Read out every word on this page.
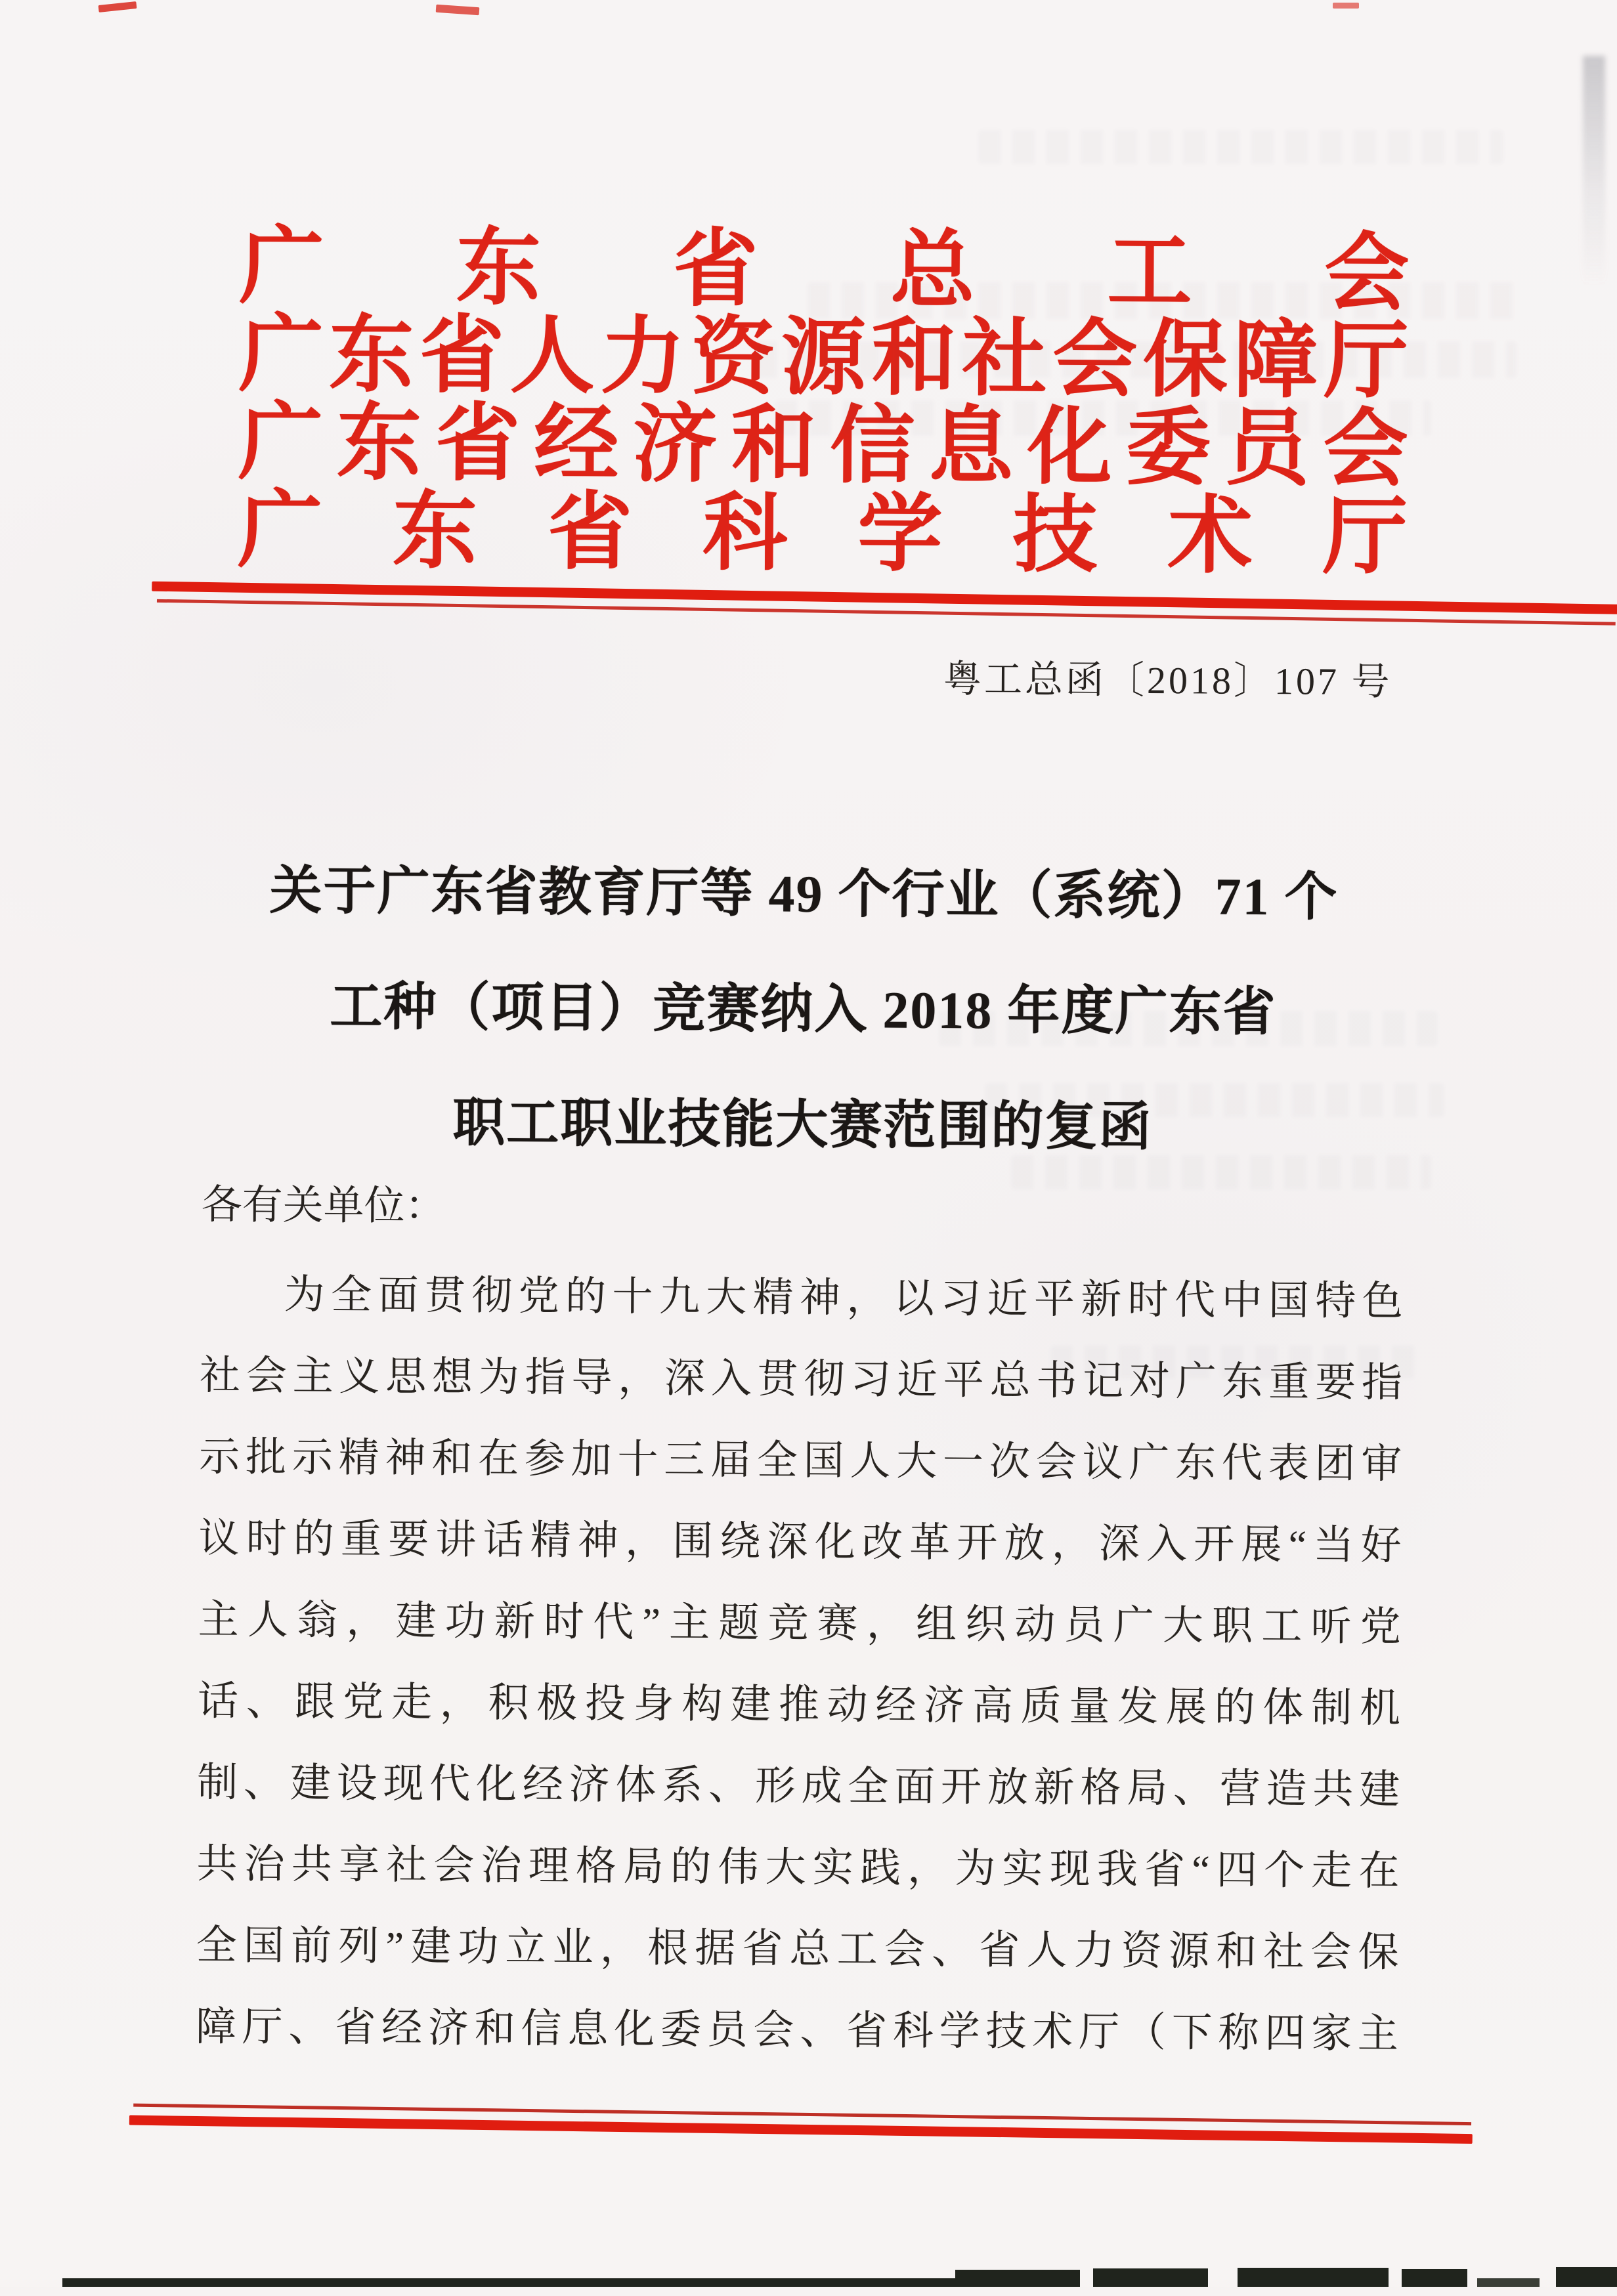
广 东 省 总 工 会
广 东 省 人 力 资 源 和 社 会 保 障 厅
广 东 省 经 济 和 信 息 化 委 员 会
广 东 省 科 学 技 术 厅
粤工总函〔2018〕107 号
关于广东省教育厅等 49 个行业（系统）71 个
工种（项目）竞赛纳入 2018 年度广东省
职工职业技能大赛范围的复函
各有关单位：
为全面贯彻党的十九大精神，以习近平新时代中国特色
社会主义思想为指导，深入贯彻习近平总书记对广东重要指
示批示精神和在参加十三届全国人大一次会议广东代表团审
议时的重要讲话精神，围绕深化改革开放，深入开展“当好
主人翁，建功新时代”主题竞赛，组织动员广大职工听党
话、跟党走，积极投身构建推动经济高质量发展的体制机
制、建设现代化经济体系、形成全面开放新格局、营造共建
共治共享社会治理格局的伟大实践，为实现我省“四个走在
全国前列”建功立业，根据省总工会、省人力资源和社会保
障厅、省经济和信息化委员会、省科学技术厅（下称四家主
